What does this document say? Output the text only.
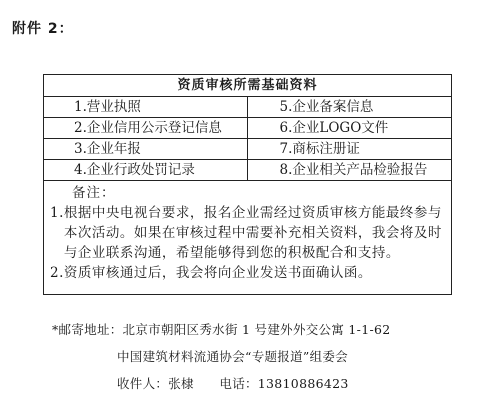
附件 2：
资质审核所需基础资料
1.营业执照	5.企业备案信息
2.企业信用公示登记信息	6.企业LOGO文件
3.企业年报	7.商标注册证
4.企业行政处罚记录	8.企业相关产品检验报告
备注：
1. 根据中央电视台要求，报名企业需经过资质审核方能最终参与本次活动。如果在审核过程中需要补充相关资料，我会将及时与企业联系沟通，希望能够得到您的积极配合和支持。
2. 资质审核通过后，我会将向企业发送书面确认函。
*邮寄地址：北京市朝阳区秀水街 1 号建外外交公寓 1-1-62
中国建筑材料流通协会“专题报道”组委会
收件人：张棣　　电话：13810886423
